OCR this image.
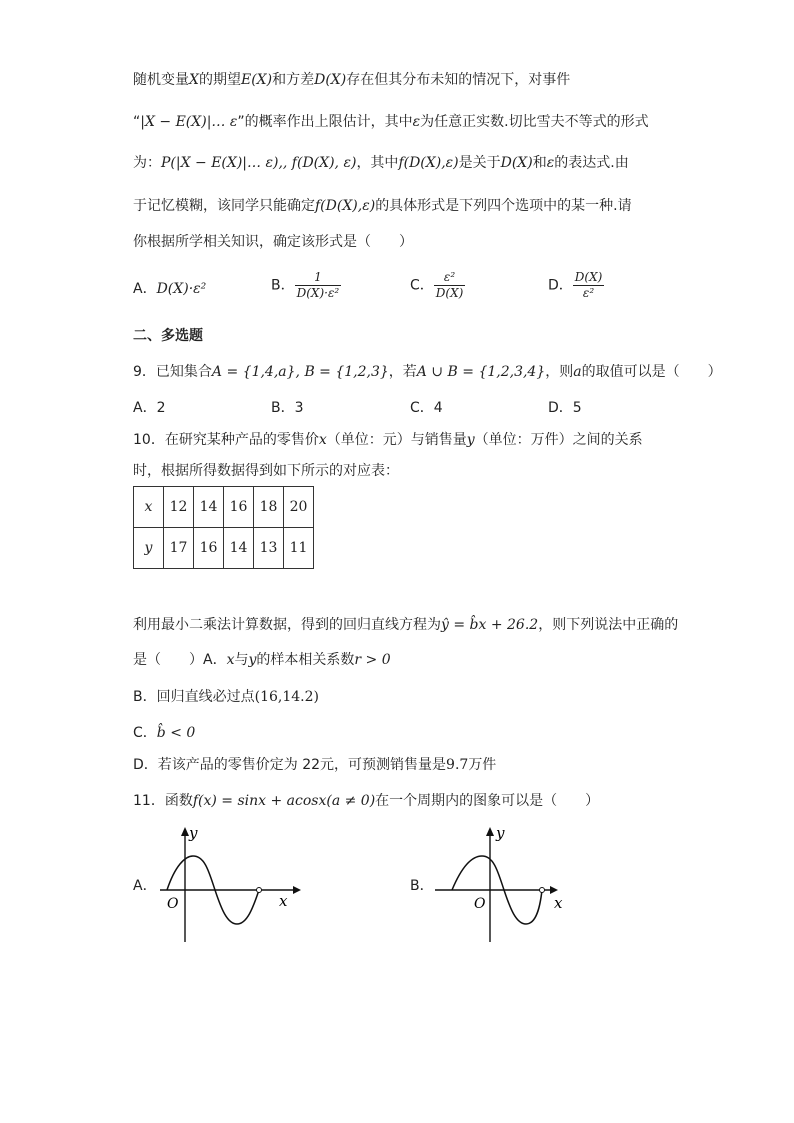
随机变量X的期望E(X)和方差D(X)存在但其分布未知的情况下，对事件
“|X − E(X)|… ε”的概率作出上限估计，其中ε为任意正实数.切比雪夫不等式的形式
为：P(|X − E(X)|… ε),, f(D(X), ε)，其中f(D(X),ε)是关于D(X)和ε的表达式.由
于记忆模糊，该同学只能确定f(D(X),ε)的具体形式是下列四个选项中的某一种.请
你根据所学相关知识，确定该形式是（　　）
A．D(X)·ε²	B． $\frac{1}{\text{D(X)·ε²}}$	C． $\frac{\text{ε²}}{D(X)}$	D． $\frac{D(X)}{\text{ε²}}$
二、多选题
9．已知集合A = {1,4,a}, B = {1,2,3}，若A ∪ B = {1,2,3,4}，则a的取值可以是（　　）
A．2	B．3	C．4	D．5
10．在研究某种产品的零售价x（单位：元）与销售量y（单位：万件）之间的关系
时，根据所得数据得到如下所示的对应表：
x	12	14	16	18	20
y	17	16	14	13	11
利用最小二乘法计算数据，得到的回归直线方程为ŷ = b̂x + 26.2，则下列说法中正确的
是（　　）A．x与y的样本相关系数r > 0
B．回归直线必过点(16,14.2)
C．b̂ < 0
D．若该产品的零售价定为 22元，可预测销售量是9.7万件
11．函数f(x) = sinx + acosx(a ≠ 0)在一个周期内的图象可以是（　　）
A．
y
x
O
B．
y
x
O
